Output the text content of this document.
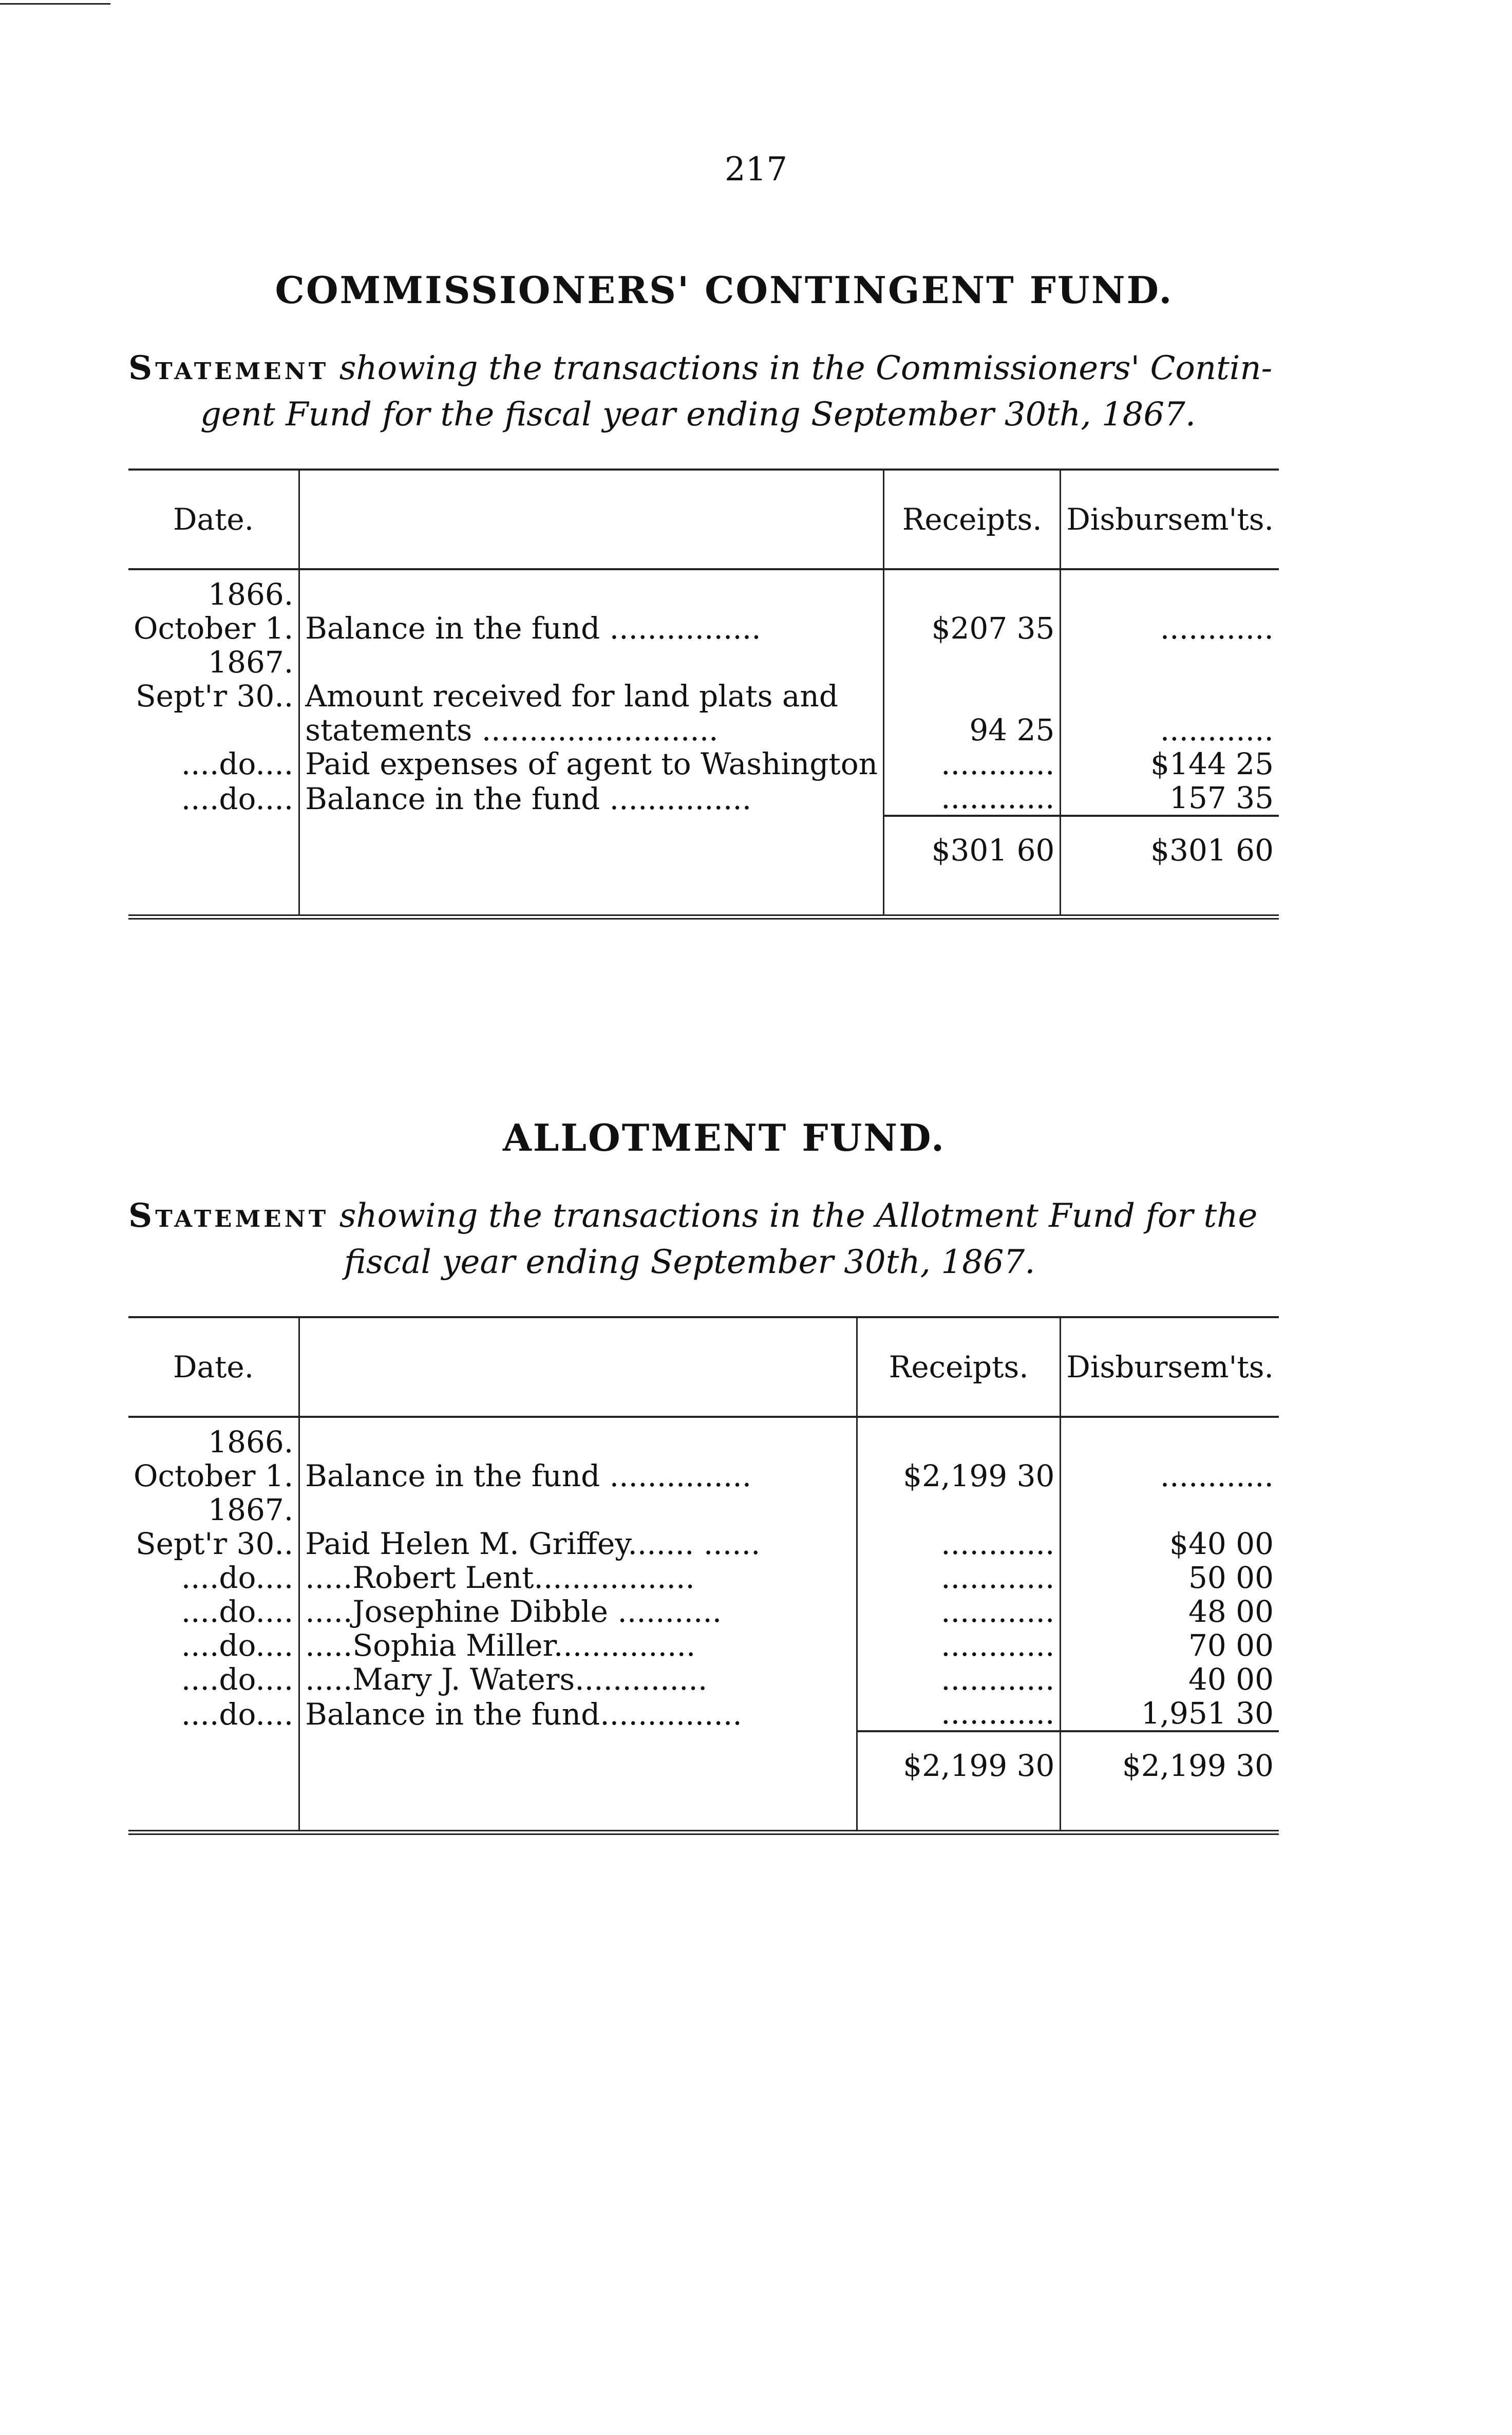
217
COMMISSIONERS' CONTINGENT FUND.
Statement showing the transactions in the Commissioners' Contin-
gent Fund for the fiscal year ending September 30th, 1867.
Date.		Receipts.	Disbursem'ts.
1866.			
October 1.	Balance in the fund ................	$207 35	............
1867.			
Sept'r 30..	Amount received for land plats and		
	statements .........................	94 25	............
....do....	Paid expenses of agent to Washington	............	$144 25
....do....	Balance in the fund ...............	............	157 35
		$301 60	$301 60

ALLOTMENT FUND.
Statement showing the transactions in the Allotment Fund for the
fiscal year ending September 30th, 1867.
Date.		Receipts.	Disbursem'ts.
1866.			
October 1.	Balance in the fund ...............	$2,199 30	............
1867.			
Sept'r 30..	Paid Helen M. Griffey....... ......	............	$40 00
....do....	.....Robert Lent.................	............	50 00
....do....	.....Josephine Dibble ...........	............	48 00
....do....	.....Sophia Miller...............	............	70 00
....do....	.....Mary J. Waters..............	............	40 00
....do....	Balance in the fund...............	............	1,951 30
		$2,199 30	$2,199 30
